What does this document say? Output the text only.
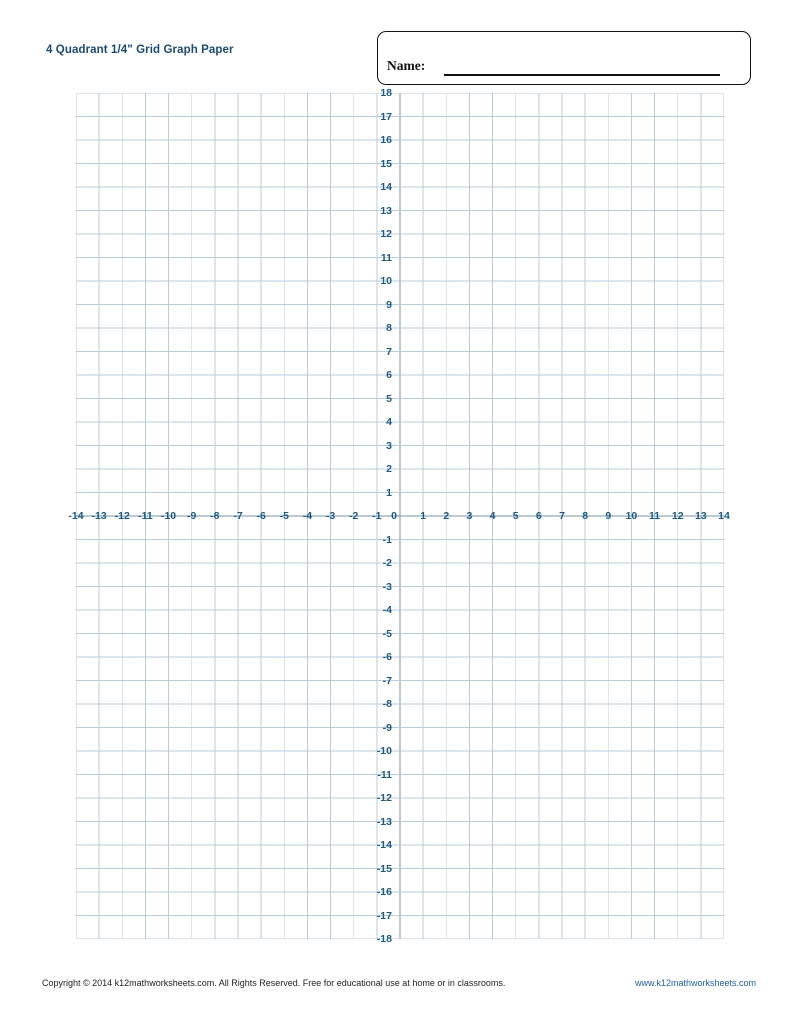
4 Quadrant 1/4" Grid Graph Paper
Name:
Copyright © 2014 k12mathworksheets.com. All Rights Reserved. Free for educational use at home or in classrooms.	www.k12mathworksheets.com
18
17
16
15
14
13
12
11
10
9
8
7
6
5
4
3
2
1
-1
-2
-3
-4
-5
-6
-7
-8
-9
-10
-11
-12
-13
-14
-15
-16
-17
-18
-14 -13 -12 -11 -10	-9	-8	-7	-6	-5	-4	-3	-2	-1 0	1	2	3	4	5	6	7	8	9	10	11	12	13	14
